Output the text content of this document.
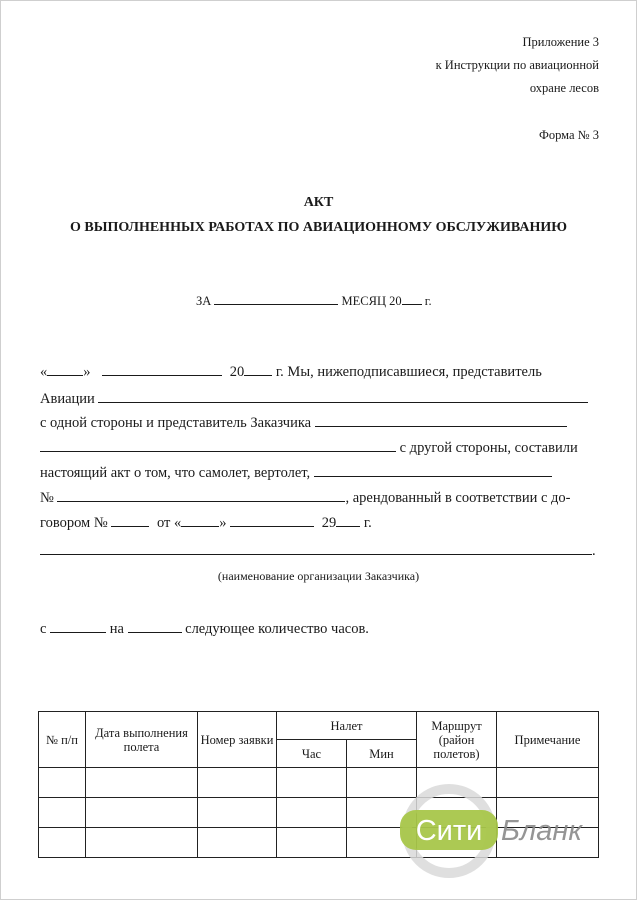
Приложение 3
к Инструкции по авиационной
охране лесов
Форма № 3
АКТ
О ВЫПОЛНЕННЫХ РАБОТАХ ПО АВИАЦИОННОМУ ОБСЛУЖИВАНИЮ
ЗА	МЕСЯЦ 20 г.
« »	20 г. Мы, нижеподписавшиеся, представитель
Авиации
с одной стороны и представитель Заказчика
с другой стороны, составили
настоящий акт о том, что самолет, вертолет,
№	, арендованный в соответствии с до-
говором №	от «	»	29 г.
.
(наименование организации Заказчика)
с	на	следующее количество часов.
№ п/п	Дата выполнения полета	Номер заявки	Налет		Маршрут (район полетов)	Примечание
			Час	Мин		

Сити Бланк
